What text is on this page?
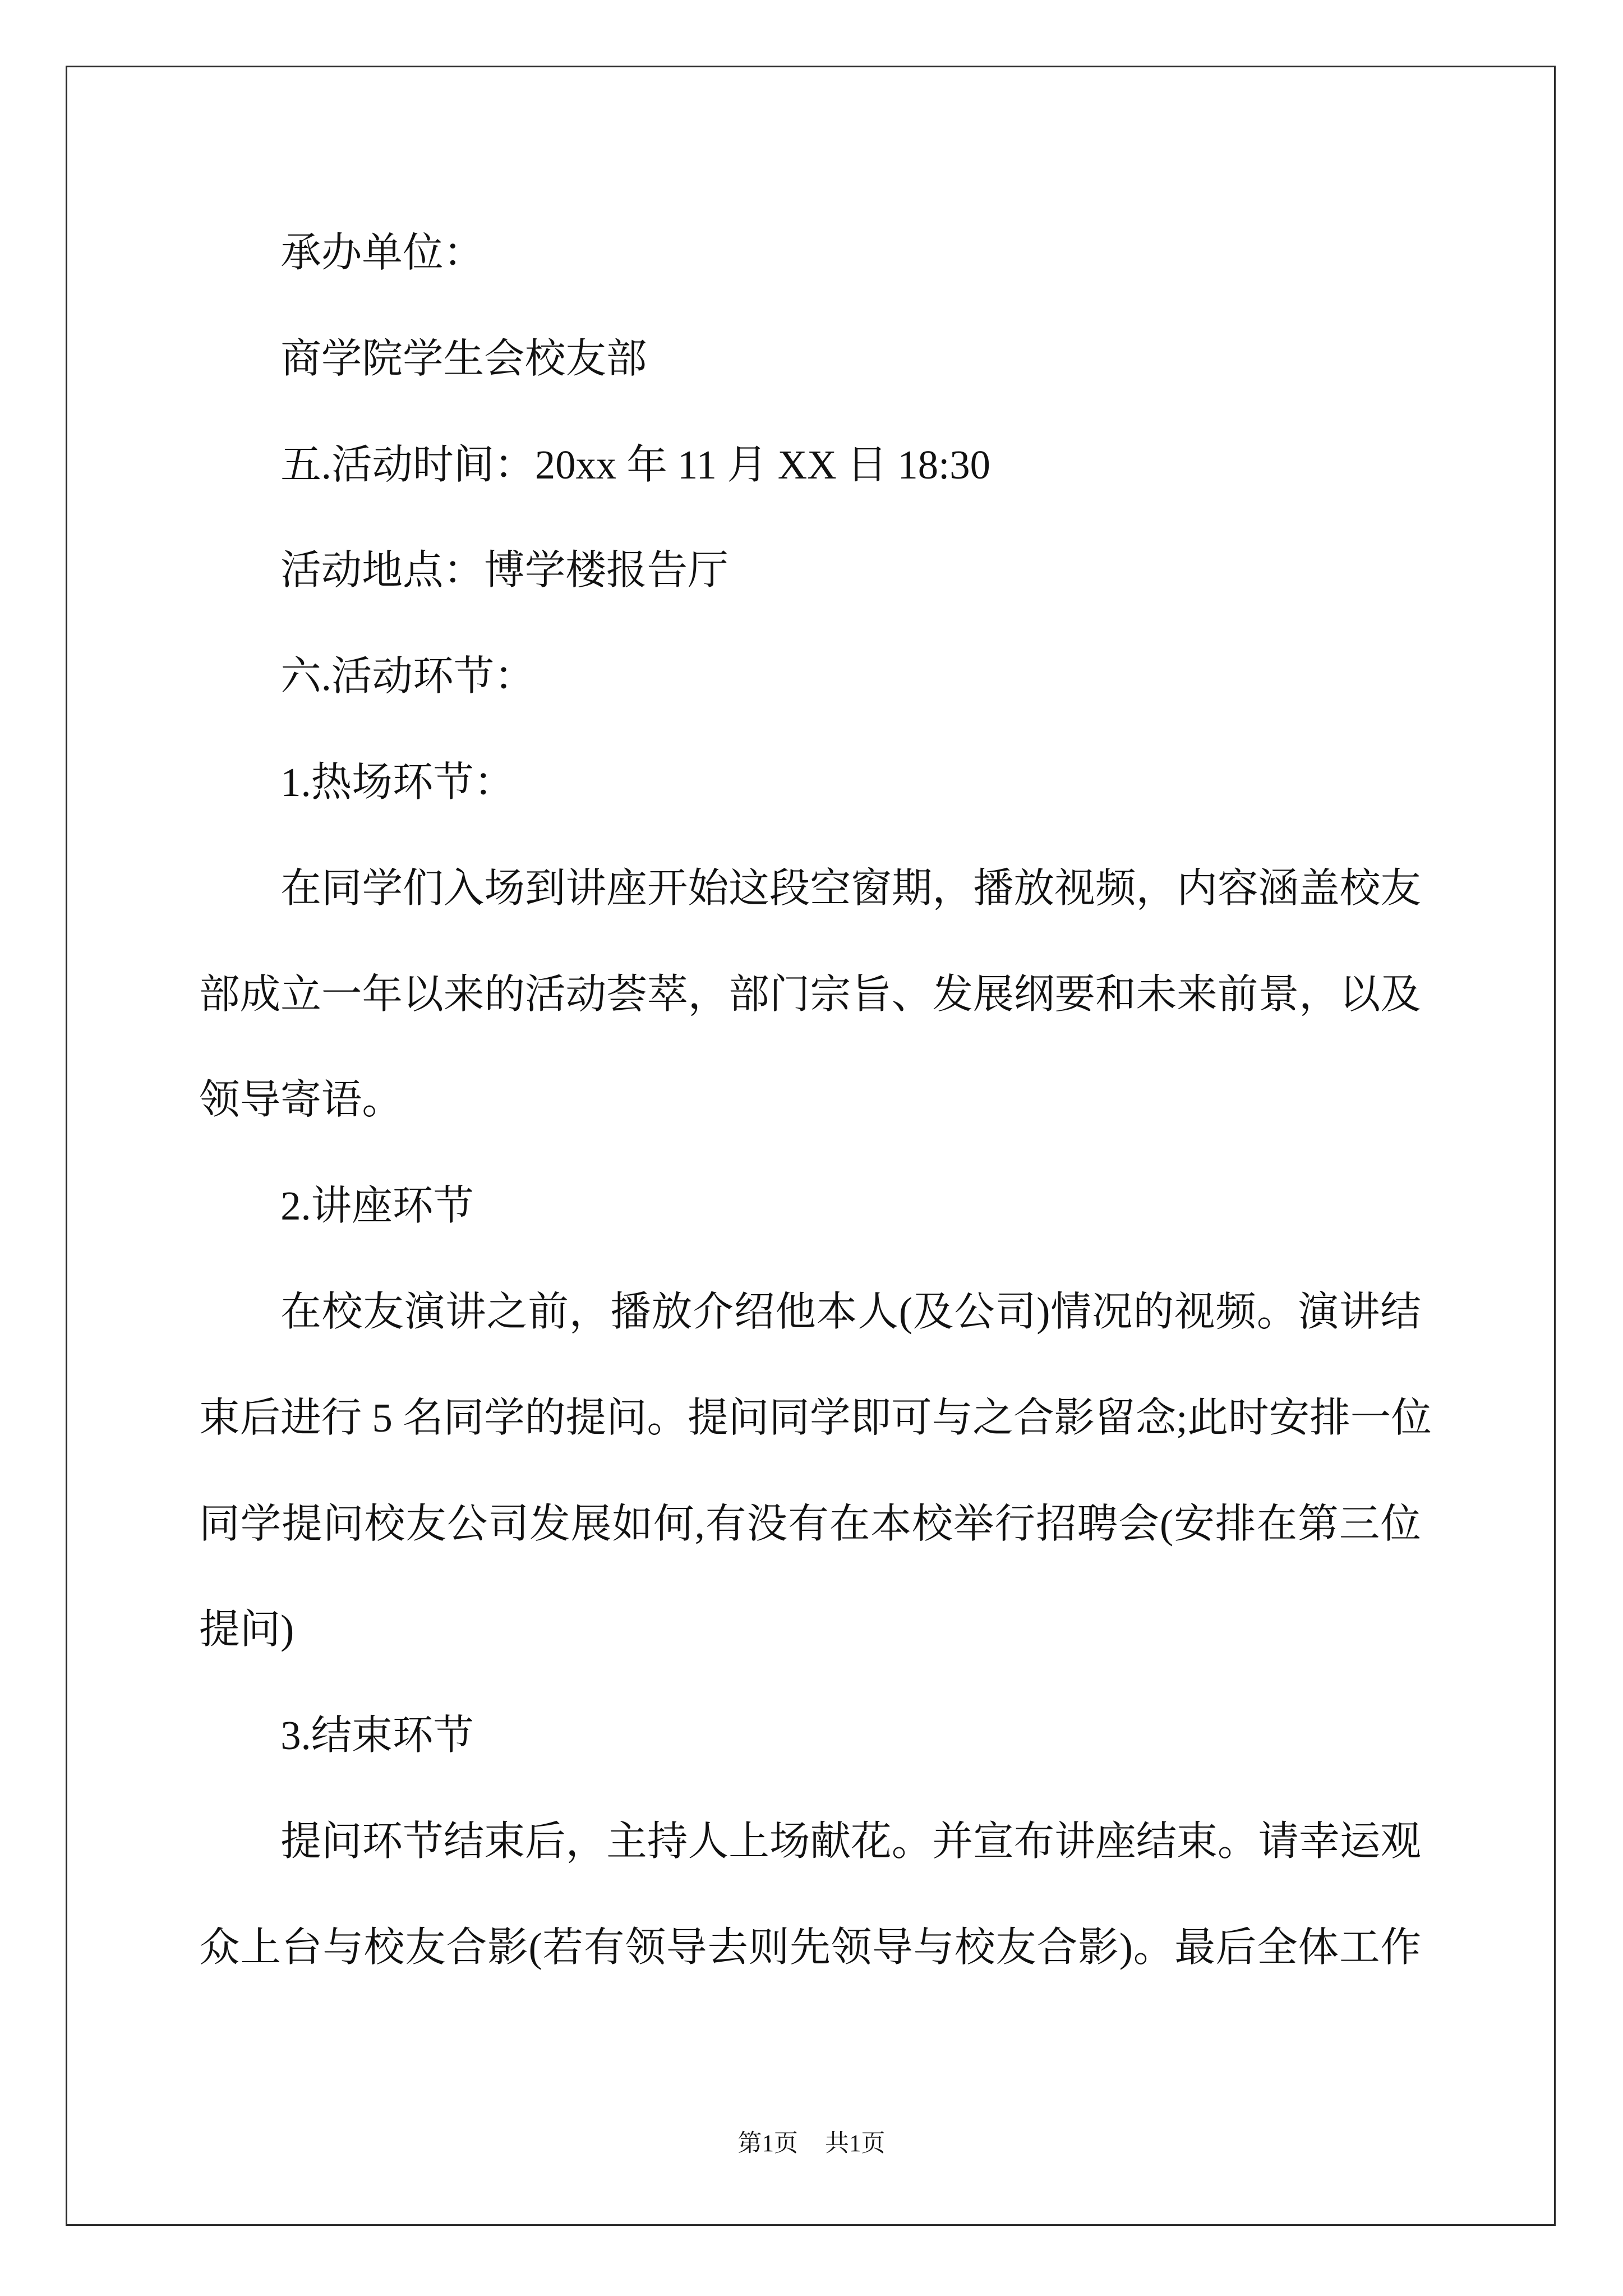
承办单位：
商学院学生会校友部
五.活动时间：20xx 年 11 月 XX 日 18:30
活动地点：博学楼报告厅
六.活动环节：
1.热场环节：
在同学们入场到讲座开始这段空窗期，播放视频，内容涵盖校友
部成立一年以来的活动荟萃，部门宗旨、发展纲要和未来前景，以及
领导寄语。
2.讲座环节
在校友演讲之前，播放介绍他本人(及公司)情况的视频。演讲结
束后进行 5 名同学的提问。提问同学即可与之合影留念;此时安排一位
同学提问校友公司发展如何,有没有在本校举行招聘会(安排在第三位
提问)
3.结束环节
提问环节结束后，主持人上场献花。并宣布讲座结束。请幸运观
众上台与校友合影(若有领导去则先领导与校友合影)。最后全体工作
第1页 共1页
